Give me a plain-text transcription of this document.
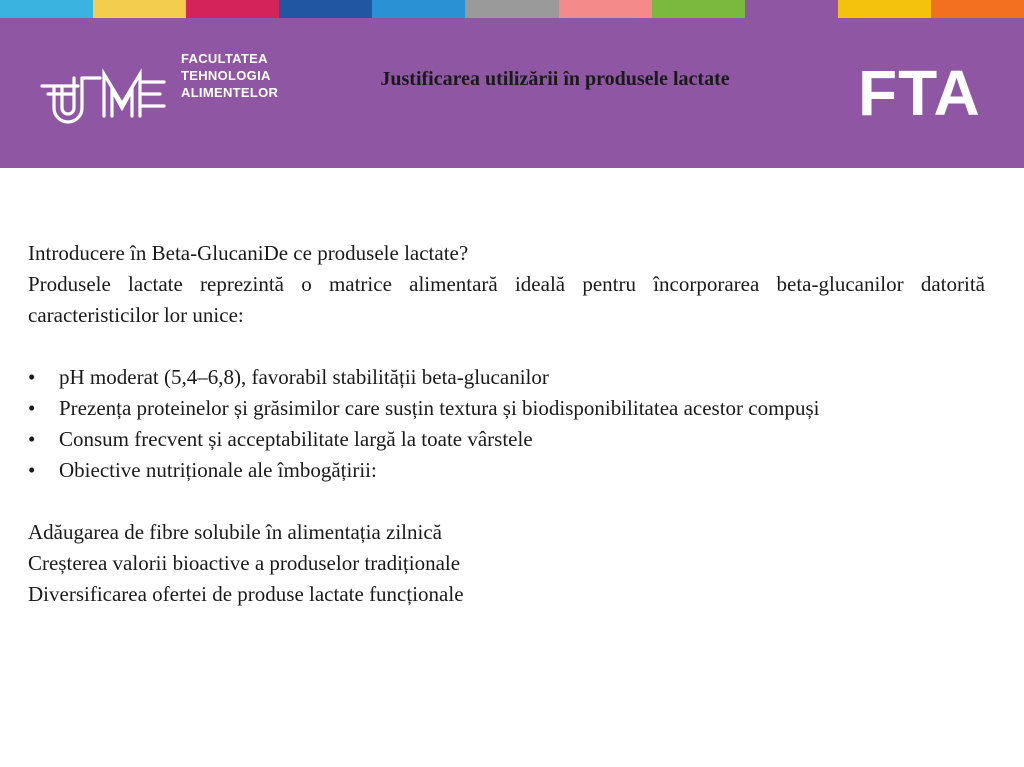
FACULTATEA
TEHNOLOGIA
ALIMENTELOR
Justificarea utilizării în produsele lactate	FTA

Introducere în Beta-GlucaniDe ce produsele lactate?

Produsele lactate reprezintă o matrice alimentară ideală pentru încorporarea beta-glucanilor datorită caracteristicilor lor unice:

• pH moderat (5,4–6,8), favorabil stabilității beta-glucanilor
• Prezența proteinelor și grăsimilor care susțin textura și biodisponibilitatea acestor compuși
• Consum frecvent și acceptabilitate largă la toate vârstele
• Obiective nutriționale ale îmbogățirii:

Adăugarea de fibre solubile în alimentația zilnică

Creșterea valorii bioactive a produselor tradiționale

Diversificarea ofertei de produse lactate funcționale
